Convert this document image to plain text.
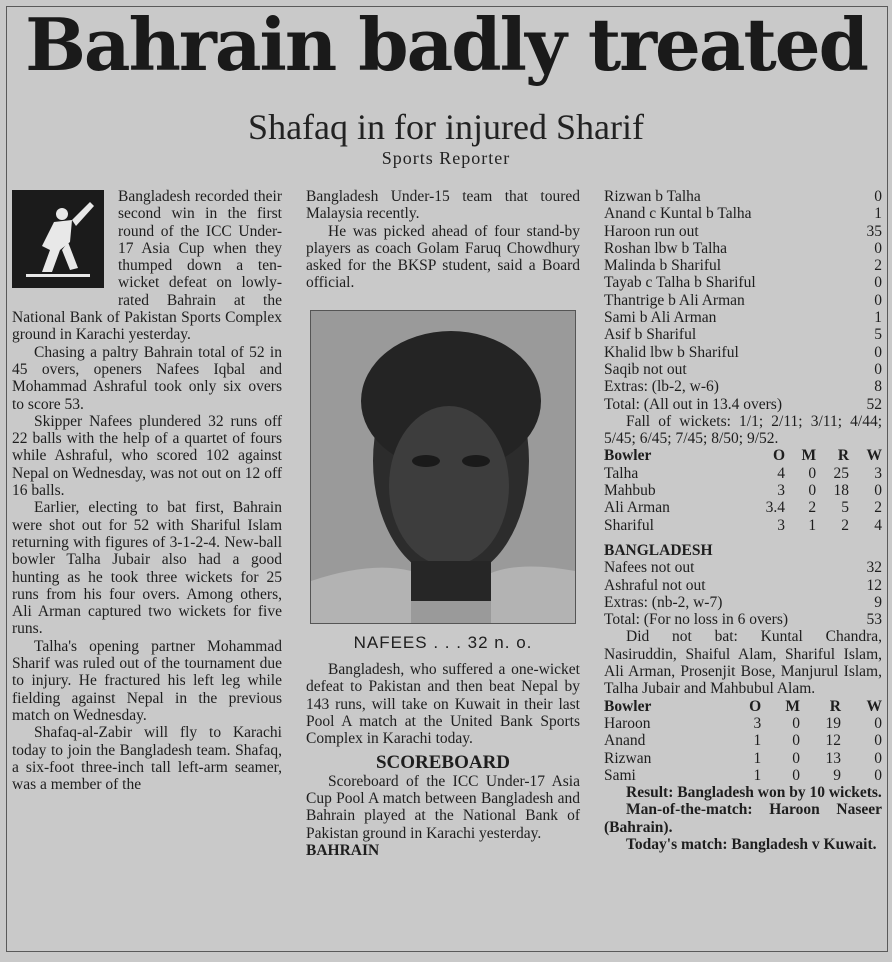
Bahrain badly treated
Shafaq in for injured Sharif
Sports Reporter

Bangladesh recorded their second win in the first round of the ICC Under-17 Asia Cup when they thumped down a ten-wicket defeat on lowly-rated Bahrain at the National Bank of Pakistan Sports Complex ground in Karachi yesterday.

Chasing a paltry Bahrain total of 52 in 45 overs, openers Nafees Iqbal and Mohammad Ashraful took only six overs to score 53.

Skipper Nafees plundered 32 runs off 22 balls with the help of a quartet of fours while Ashraful, who scored 102 against Nepal on Wednesday, was not out on 12 off 16 balls.

Earlier, electing to bat first, Bahrain were shot out for 52 with Shariful Islam returning with figures of 3-1-2-4. New-ball bowler Talha Jubair also had a good hunting as he took three wickets for 25 runs from his four overs. Among others, Ali Arman captured two wickets for five runs.

Talha's opening partner Mohammad Sharif was ruled out of the tournament due to injury. He fractured his left leg while fielding against Nepal in the previous match on Wednesday.

Shafaq-al-Zabir will fly to Karachi today to join the Bangladesh team. Shafaq, a six-foot three-inch tall left-arm seamer, was a member of the

Bangladesh Under-15 team that toured Malaysia recently.

He was picked ahead of four stand-by players as coach Golam Faruq Chowdhury asked for the BKSP student, said a Board official.

NAFEES . . . 32 n. o.

Bangladesh, who suffered a one-wicket defeat to Pakistan and then beat Nepal by 143 runs, will take on Kuwait in their last Pool A match at the United Bank Sports Complex in Karachi today.

SCOREBOARD

Scoreboard of the ICC Under-17 Asia Cup Pool A match between Bangladesh and Bahrain played at the National Bank of Pakistan ground in Karachi yesterday.

BAHRAIN
Rizwan b Talha	0
Anand c Kuntal b Talha	1
Haroon run out	35
Roshan lbw b Talha	0
Malinda b Shariful	2
Tayab c Talha b Shariful	0
Thantrige b Ali Arman	0
Sami b Ali Arman	1
Asif b Shariful	5
Khalid lbw b Shariful	0
Saqib not out	0
Extras: (lb-2, w-6)	8
Total: (All out in 13.4 overs)	52

Fall of wickets: 1/1; 2/11; 3/11; 4/44; 5/45; 6/45; 7/45; 8/50; 9/52.

Bowler	O	M	R	W
Talha	4	0	25	3
Mahbub	3	0	18	0
Ali Arman	3.4	2	5	2
Shariful	3	1	2	4
BANGLADESH
Nafees not out	32
Ashraful not out	12
Extras: (nb-2, w-7)	9
Total: (For no loss in 6 overs)	53

Did not bat: Kuntal Chandra, Nasiruddin, Shaiful Alam, Shariful Islam, Ali Arman, Prosenjit Bose, Manjurul Islam, Talha Jubair and Mahbubul Alam.

Bowler	O	M	R	W
Haroon	3	0	19	0
Anand	1	0	12	0
Rizwan	1	0	13	0
Sami	1	0	9	0

Result: Bangladesh won by 10 wickets.

Man-of-the-match: Haroon Naseer (Bahrain).

Today's match: Bangladesh v Kuwait.
